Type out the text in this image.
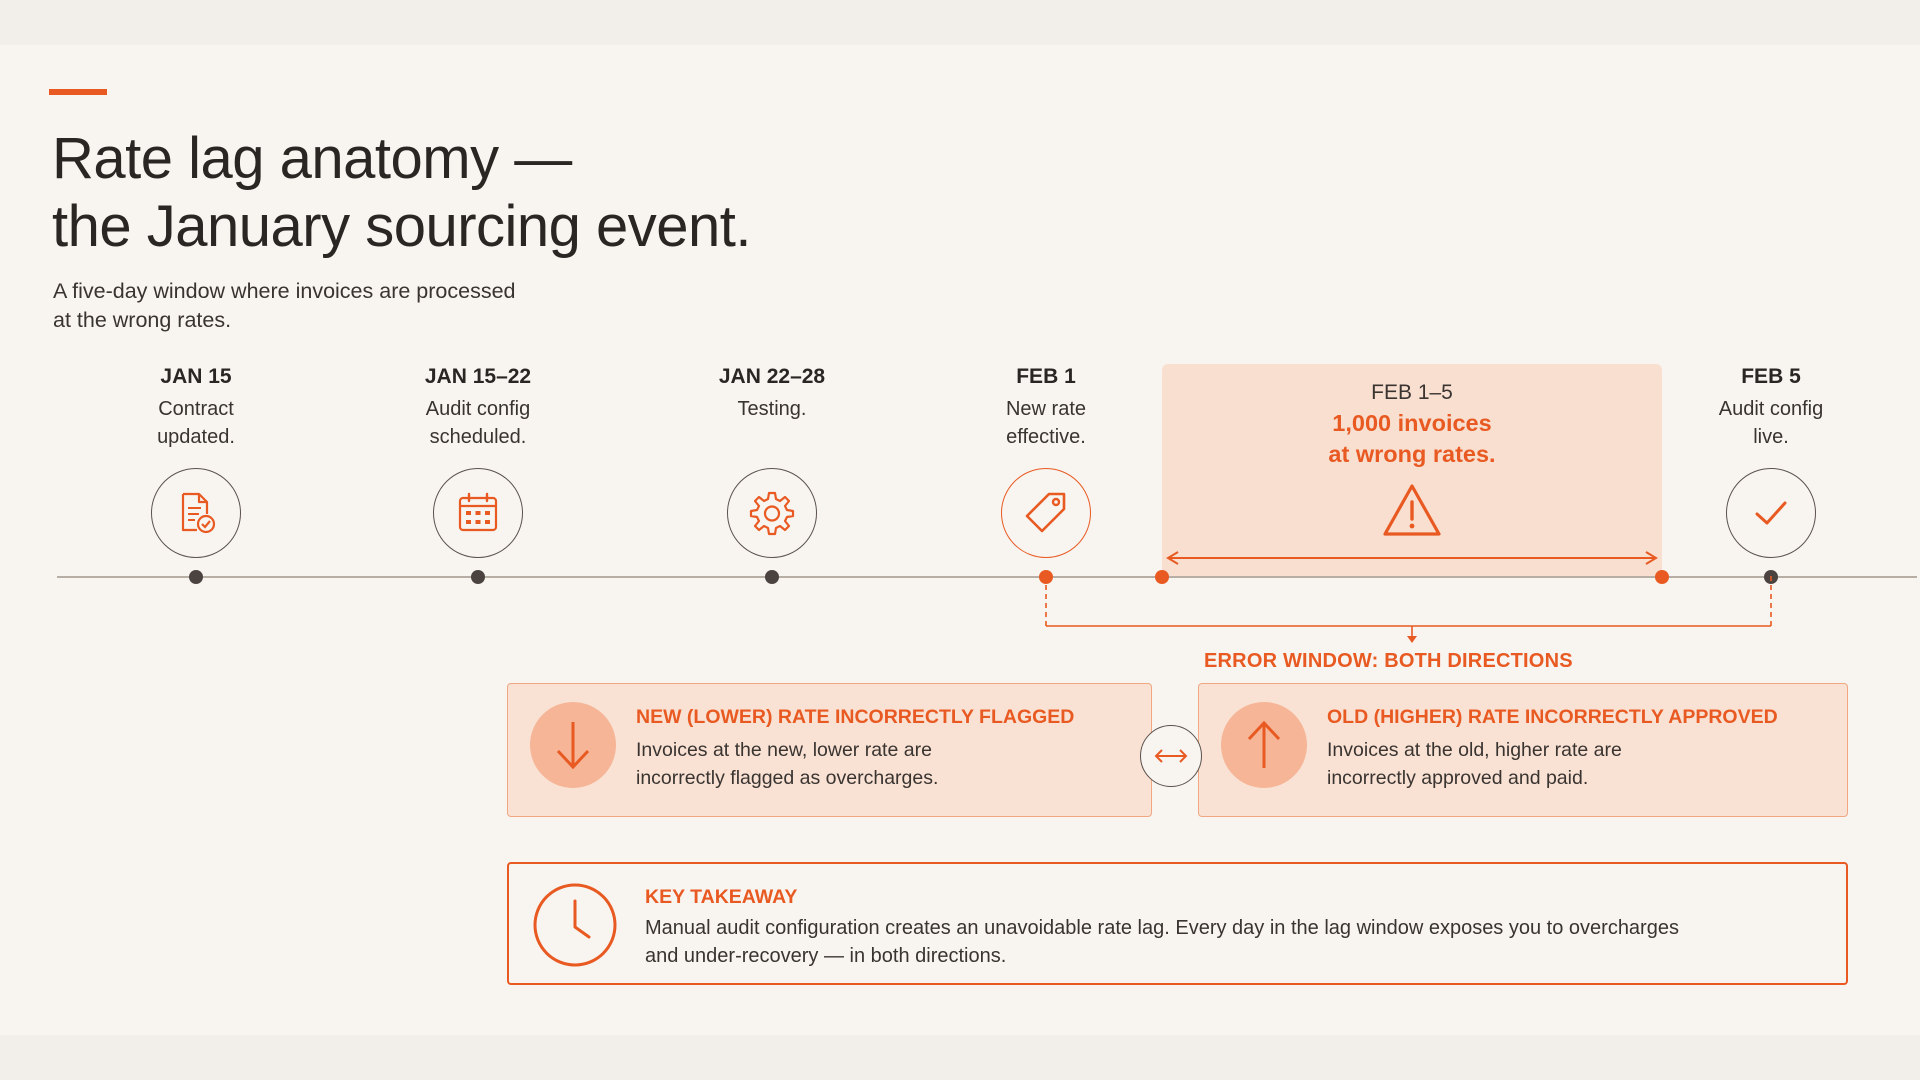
Rate lag anatomy —
the January sourcing event.

A five-day window where invoices are processed
at the wrong rates.

FEB 1–5
1,000 invoices
at wrong rates.
JAN 15
Contract
updated.
JAN 15–22
Audit config
scheduled.
JAN 22–28
Testing.
FEB 1
New rate
effective.
FEB 5
Audit config
live.
ERROR WINDOW: BOTH DIRECTIONS
NEW (LOWER) RATE INCORRECTLY FLAGGED
Invoices at the new, lower rate are
incorrectly flagged as overcharges.
OLD (HIGHER) RATE INCORRECTLY APPROVED
Invoices at the old, higher rate are
incorrectly approved and paid.
KEY TAKEAWAY
Manual audit configuration creates an unavoidable rate lag. Every day in the lag window exposes you to overcharges
and under-recovery — in both directions.
